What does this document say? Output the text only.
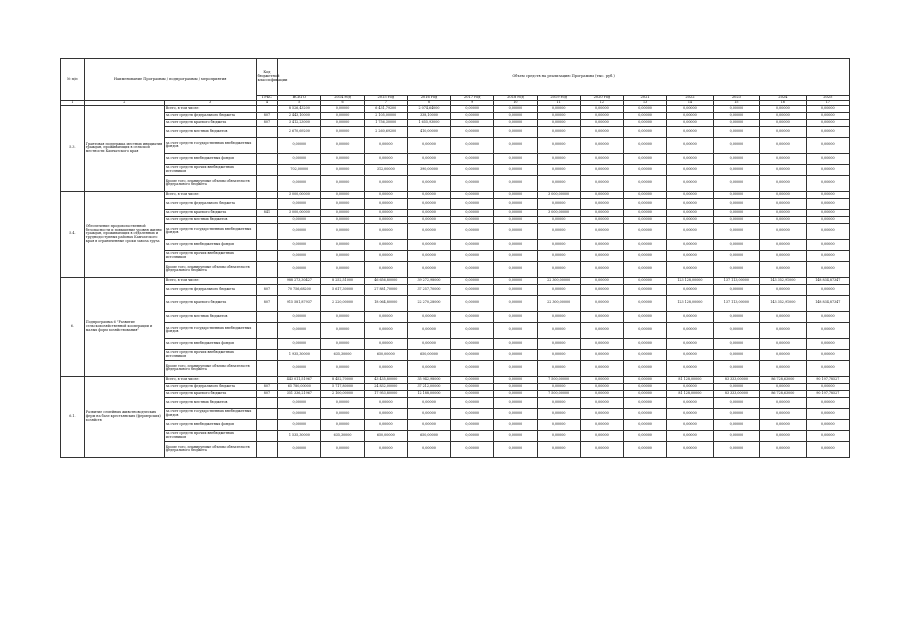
№ п/п	Наименование Программы / подпрограммы / мероприятия		Код бюджетной классификации	Объем средств на реализацию Программы (тыс. руб.)												
			ГРБС	ВСЕГО	2014 год	2015 год	2016 год	2017 год	2018 год	2019 год	2020 год	2021	2022	2023	2024	2025
1	2	3	4	5	6	7	8	9	10	11	12	13	14	15	16	17
5.3.	Грантовая поддержка местных инициатив граждан, проживающих в сельской местности Камчатского края	Всего, в том числе:		8 526,43200	0,00000	6 431,79200	2 074,64000	0,00000	0,00000	0,00000	0,00000	0,00000	0,00000	0,00000	0,00000	0,00000
		за счет средств федерального бюджета	807	2 443,10000	0,00000	2 105,00000	338,10000	0,00000	0,00000	0,00000	0,00000	0,00000	0,00000	0,00000	0,00000	0,00000
		за счет средств краевого бюджета	807	3 412,23000	0,00000	1 756,30000	1 655,93000	0,00000	0,00000	0,00000	0,00000	0,00000	0,00000	0,00000	0,00000	0,00000
		за счет средств местных бюджетов		2 670,69200	0,00000	2 260,69200	410,00000	0,00000	0,00000	0,00000	0,00000	0,00000	0,00000	0,00000	0,00000	0,00000
		за счет средств государственных внебюджетных фондов		0,00000	0,00000	0,00000	0,00000	0,00000	0,00000	0,00000	0,00000	0,00000	0,00000	0,00000	0,00000	0,00000
		за счет средств внебюджетных фондов		0,00000	0,00000	0,00000	0,00000	0,00000	0,00000	0,00000	0,00000	0,00000	0,00000	0,00000	0,00000	0,00000
		за счет средств прочих внебюджетных источников		702,00000	0,00000	312,00000	390,00000	0,00000	0,00000	0,00000	0,00000	0,00000	0,00000	0,00000	0,00000	0,00000
		Кроме того, планируемые объемы обязательств федерального бюджета		0,00000	0,00000	0,00000	0,00000	0,00000	0,00000	0,00000	0,00000	0,00000	0,00000	0,00000	0,00000	0,00000
5.4.	Обеспечение продовольственной безопасности и повышение уровня жизни граждан, проживающих в отдаленных и труднодоступных районах Камчатского края в ограниченные сроки завоза груза	Всего, в том числе:		3 000,00000	0,00000	0,00000	0,00000	0,00000	0,00000	3 000,00000	0,00000	0,00000	0,00000	0,00000	0,00000	0,00000
		за счет средств федерального бюджета		0,00000	0,00000	0,00000	0,00000	0,00000	0,00000	0,00000	0,00000	0,00000	0,00000	0,00000	0,00000	0,00000
		за счет средств краевого бюджета	841	3 000,00000	0,00000	0,00000	0,00000	0,00000	0,00000	3 000,00000	0,00000	0,00000	0,00000	0,00000	0,00000	0,00000
		за счет средств местных бюджетов		0,00000	0,00000	0,00000	0,00000	0,00000	0,00000	0,00000	0,00000	0,00000	0,00000	0,00000	0,00000	0,00000
		за счет средств государственных внебюджетных фондов		0,00000	0,00000	0,00000	0,00000	0,00000	0,00000	0,00000	0,00000	0,00000	0,00000	0,00000	0,00000	0,00000
		за счет средств внебюджетных фондов		0,00000	0,00000	0,00000	0,00000	0,00000	0,00000	0,00000	0,00000	0,00000	0,00000	0,00000	0,00000	0,00000
		за счет средств прочих внебюджетных источников		0,00000	0,00000	0,00000	0,00000	0,00000	0,00000	0,00000	0,00000	0,00000	0,00000	0,00000	0,00000	0,00000
		Кроме того, планируемые объемы обязательств федерального бюджета		0,00000	0,00000	0,00000	0,00000	0,00000	0,00000	0,00000	0,00000	0,00000	0,00000	0,00000	0,00000	0,00000
6.	Подпрограмма 6 "Развитие сельскохозяйственной кооперации и малых форм хозяйствования"	Всего, в том числе:		988 273,30427	8 252,51000	46 656,80000	39 272,98000	0,00000	0,00000	22 300,00000	0,00000	0,00000	123 128,00000	137 113,00000	143 352,91000	148 834,87347
		за счет средств федерального бюджета	807	70 756,68200	5 617,30000	27 881,70000	37 257,70000	0,00000	0,00000	0,00000	0,00000	0,00000	0,00000	0,00000	0,00000	0,00000
		за счет средств краевого бюджета	807	915 581,87937	2 220,00000	18 064,80000	22 270,28000	0,00000	0,00000	22 300,00000	0,00000	0,00000	123 128,00000	137 113,00000	143 352,91000	148 834,87347
		за счет средств местных бюджетов		0,00000	0,00000	0,00000	0,00000	0,00000	0,00000	0,00000	0,00000	0,00000	0,00000	0,00000	0,00000	0,00000
		за счет средств государственных внебюджетных фондов		0,00000	0,00000	0,00000	0,00000	0,00000	0,00000	0,00000	0,00000	0,00000	0,00000	0,00000	0,00000	0,00000
		за счет средств внебюджетных фондов		0,00000	0,00000	0,00000	0,00000	0,00000	0,00000	0,00000	0,00000	0,00000	0,00000	0,00000	0,00000	0,00000
		за счет средств прочих внебюджетных источников		1 935,30000	635,30000	650,00000	650,00000	0,00000	0,00000	0,00000	0,00000	0,00000	0,00000	0,00000	0,00000	0,00000
		Кроме того, планируемые объемы обязательств федерального бюджета		0,00000	0,00000	0,00000	0,00000	0,00000	0,00000	0,00000	0,00000	0,00000	0,00000	0,00000	0,00000	0,00000
6.1.	Развитие семейных животноводческих ферм на базе крестьянских (фермерских) хозяйств	Всего, в том числе:		443 011,51967	8 452,70000	43 435,80000	35 942,98000	0,00000	0,00000	7 500,00000	0,00000	0,00000	81 128,00000	83 333,00000	86 728,63000	90 197,78527
		за счет средств федерального бюджета	807	65 780,00000	5 717,80000	24 832,00000	37 212,00000	0,00000	0,00000	0,00000	0,00000	0,00000	0,00000	0,00000	0,00000	0,00000
		за счет средств краевого бюджета	807	351 336,21967	2 100,00000	17 953,80000	12 188,00000	0,00000	0,00000	7 500,00000	0,00000	0,00000	81 128,00000	83 333,00000	86 728,63000	90 197,78527
		за счет средств местных бюджетов		0,00000	0,00000	0,00000	0,00000	0,00000	0,00000	0,00000	0,00000	0,00000	0,00000	0,00000	0,00000	0,00000
		за счет средств государственных внебюджетных фондов		0,00000	0,00000	0,00000	0,00000	0,00000	0,00000	0,00000	0,00000	0,00000	0,00000	0,00000	0,00000	0,00000
		за счет средств внебюджетных фондов		0,00000	0,00000	0,00000	0,00000	0,00000	0,00000	0,00000	0,00000	0,00000	0,00000	0,00000	0,00000	0,00000
		за счет средств прочих внебюджетных источников		1 535,30000	635,30000	650,00000	650,00000	0,00000	0,00000	0,00000	0,00000	0,00000	0,00000	0,00000	0,00000	0,00000
		Кроме того, планируемые объемы обязательств федерального бюджета		0,00000	0,00000	0,00000	0,00000	0,00000	0,00000	0,00000	0,00000	0,00000	0,00000	0,00000	0,00000	0,00000
